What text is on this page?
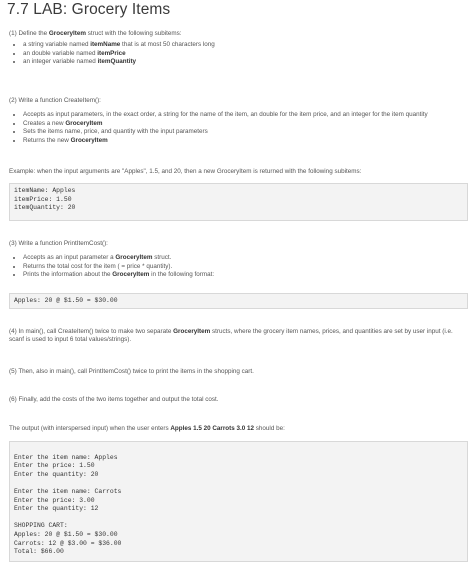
7.7 LAB: Grocery Items

(1) Define the GroceryItem struct with the following subitems:

• a string variable named itemName that is at most 50 characters long
• an double variable named itemPrice
• an integer variable named itemQuantity

(2) Write a function CreateItem():

• Accepts as input parameters, in the exact order, a string for the name of the item, an double for the item price, and an integer for the item quantity
• Creates a new GroceryItem
• Sets the items name, price, and quantity with the input parameters
• Returns the new GroceryItem

Example: when the input arguments are "Apples", 1.5, and 20, then a new GroceryItem is returned with the following subitems:

itemName: Apples
itemPrice: 1.50
itemQuantity: 20

(3) Write a function PrintItemCost():

• Accepts as an input parameter a GroceryItem struct.
• Returns the total cost for the item ( = price * quantity).
• Prints the information about the GroceryItem in the following format:
Apples: 20 @ $1.50 = $30.00

(4) In main(), call CreateItem() twice to make two separate GroceryItem structs, where the grocery item names, prices, and quantities are set by user input (i.e. scanf is used to input 6 total values/strings).

(5) Then, also in main(), call PrintItemCost() twice to print the items in the shopping cart.

(6) Finally, add the costs of the two items together and output the total cost.

The output (with interspersed input) when the user enters Apples 1.5 20 Carrots 3.0 12 should be:

Enter the item name: Apples
Enter the price: 1.50
Enter the quantity: 20
Enter the item name: Carrots
Enter the price: 3.00
Enter the quantity: 12
SHOPPING CART:
Apples: 20 @ $1.50 = $30.00
Carrots: 12 @ $3.00 = $36.00
Total: $66.00
